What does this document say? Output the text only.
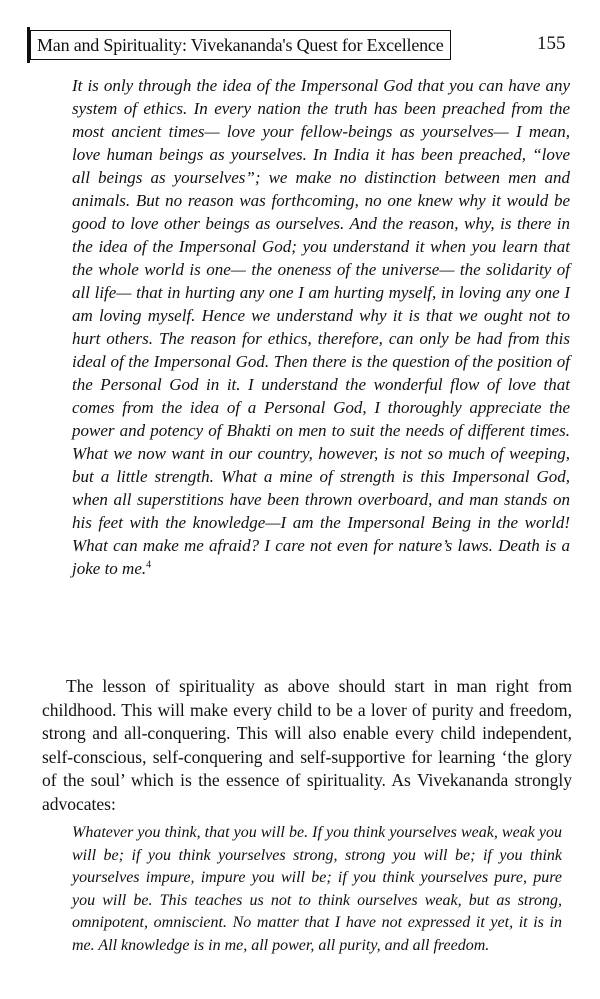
Man and Spirituality: Vivekananda's Quest for Excellence	155

It is only through the idea of the Impersonal God that you can have any system of ethics. In every nation the truth has been preached from the most ancient times— love your fellow-beings as yourselves— I mean, love human beings as yourselves. In India it has been preached, “love all beings as yourselves”; we make no distinction between men and animals. But no reason was forthcoming, no one knew why it would be good to love other beings as ourselves. And the reason, why, is there in the idea of the Impersonal God; you understand it when you learn that the whole world is one— the oneness of the universe— the solidarity of all life— that in hurting any one I am hurting myself, in loving any one I am loving myself. Hence we understand why it is that we ought not to hurt others. The reason for ethics, therefore, can only be had from this ideal of the Impersonal God. Then there is the question of the position of the Personal God in it. I understand the wonderful flow of love that comes from the idea of a Personal God, I thoroughly appreciate the power and potency of Bhakti on men to suit the needs of different times. What we now want in our country, however, is not so much of weeping, but a little strength. What a mine of strength is this Impersonal God, when all superstitions have been thrown overboard, and man stands on his feet with the knowledge—I am the Impersonal Being in the world! What can make me afraid? I care not even for nature’s laws. Death is a joke to me.$^4$

The lesson of spirituality as above should start in man right from childhood. This will make every child to be a lover of purity and freedom, strong and all-conquering. This will also enable every child independent, self-conscious, self-conquering and self-supportive for learning ‘the glory of the soul’ which is the essence of spirituality. As Vivekananda strongly advocates:

Whatever you think, that you will be. If you think yourselves weak, weak you will be; if you think yourselves strong, strong you will be; if you think yourselves impure, impure you will be; if you think yourselves pure, pure you will be. This teaches us not to think ourselves weak, but as strong, omnipotent, omniscient. No matter that I have not expressed it yet, it is in me. All knowledge is in me, all power, all purity, and all freedom.
